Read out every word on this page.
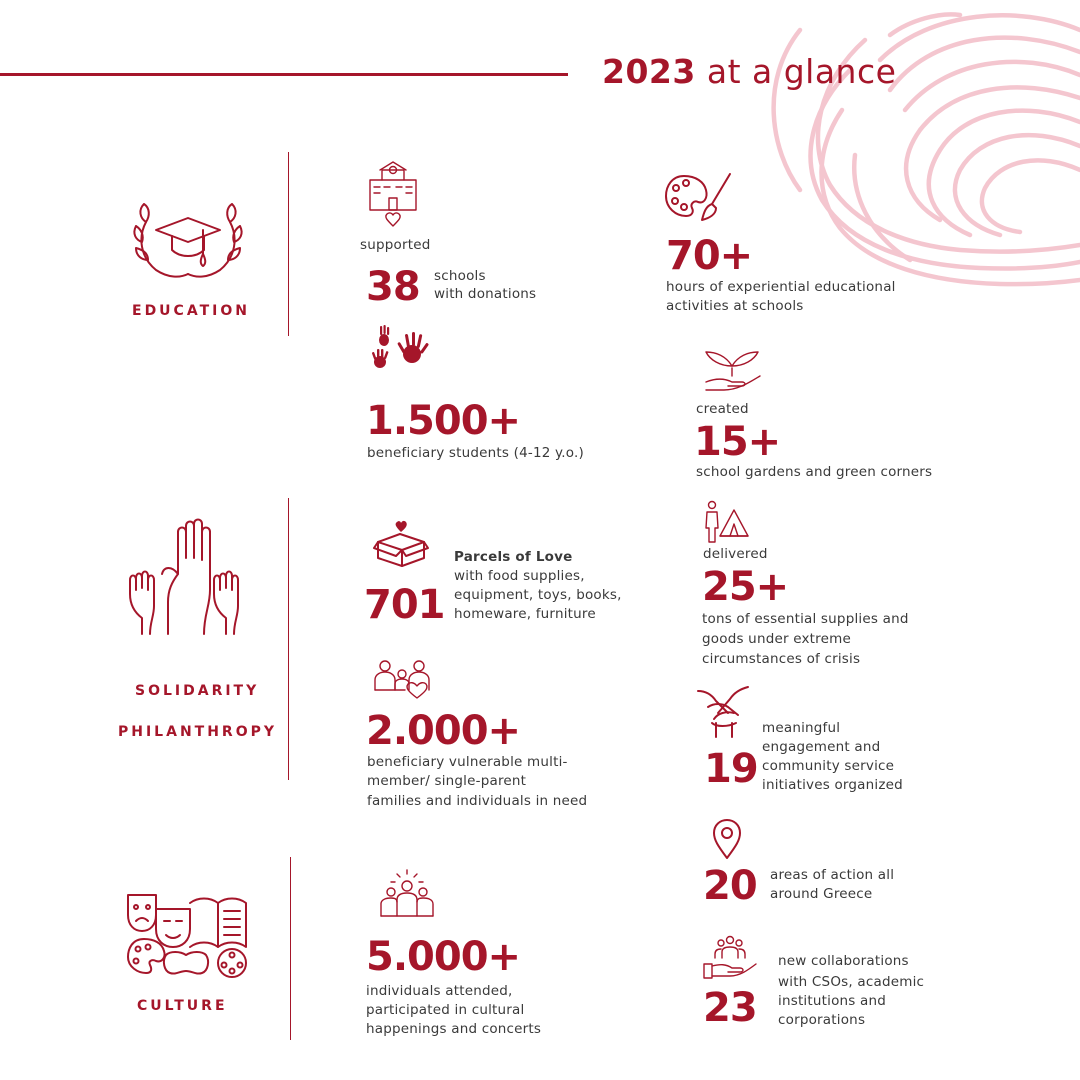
2023 at a glance
EDUCATION
supported
38 schools
with donations
70+
hours of experiential educational
activities at schools
1.500+
beneficiary students (4-12 y.o.)
created
15+
school gardens and green corners
SOLIDARITY
PHILANTHROPY
701
Parcels of Love
with food supplies,
equipment, toys, books,
homeware, furniture
delivered
25+
tons of essential supplies and
goods under extreme
circumstances of crisis
2.000+
beneficiary vulnerable multi-
member/ single-parent
families and individuals in need
19
meaningful
engagement and
community service
initiatives organized
CULTURE
20 areas of action all
around Greece
5.000+
individuals attended,
participated in cultural
happenings and concerts	23
new collaborations
with CSOs, academic
institutions and
corporations
